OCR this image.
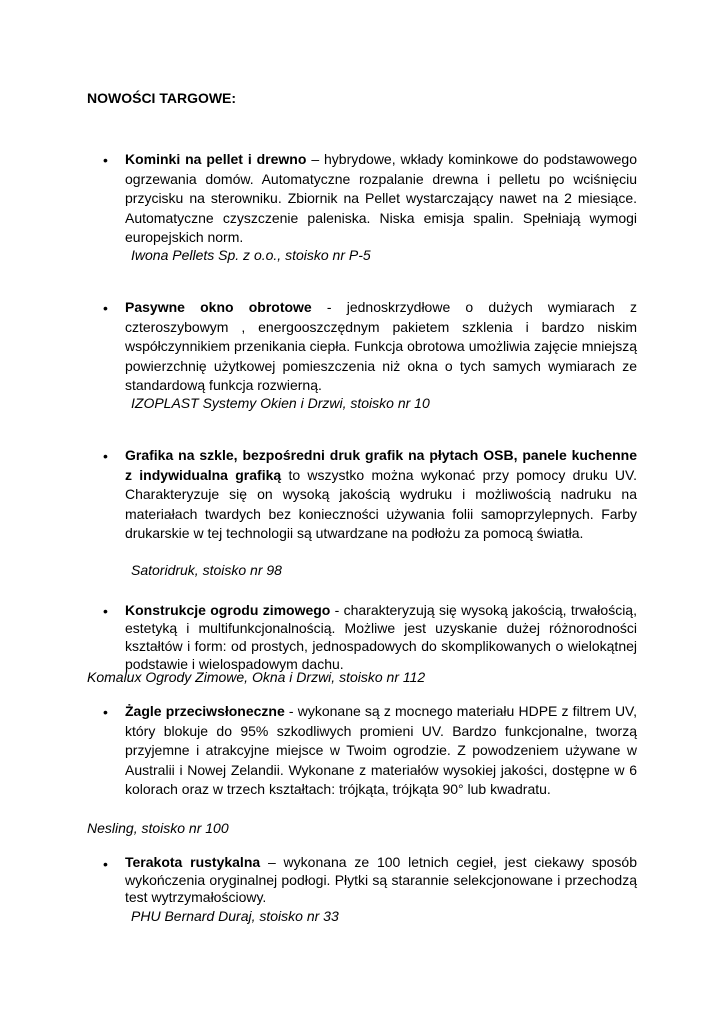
NOWOŚCI TARGOWE:
• Kominki na pellet i drewno – hybrydowe, wkłady kominkowe do podstawowego ogrzewania domów. Automatyczne rozpalanie drewna i pelletu po wciśnięciu przycisku na sterowniku. Zbiornik na Pellet wystarczający nawet na 2 miesiące. Automatyczne czyszczenie paleniska. Niska emisja spalin. Spełniają wymogi europejskich norm.

Iwona Pellets Sp. z o.o., stoisko nr P-5

• Pasywne okno obrotowe - jednoskrzydłowe o dużych wymiarach z czteroszybowym , energooszczędnym pakietem szklenia i bardzo niskim współczynnikiem przenikania ciepła. Funkcja obrotowa umożliwia zajęcie mniejszą powierzchnię użytkowej pomieszczenia niż okna o tych samych wymiarach ze standardową funkcja rozwierną.

IZOPLAST Systemy Okien i Drzwi, stoisko nr 10

• Grafika na szkle, bezpośredni druk grafik na płytach OSB, panele kuchenne z indywidualna grafiką to wszystko można wykonać przy pomocy druku UV. Charakteryzuje się on wysoką jakością wydruku i możliwością nadruku na materiałach twardych bez konieczności używania folii samoprzylepnych. Farby drukarskie w tej technologii są utwardzane na podłożu za pomocą światła.

Satoridruk, stoisko nr 98

• Konstrukcje ogrodu zimowego - charakteryzują się wysoką jakością, trwałością, estetyką i multifunkcjonalnością. Możliwe jest uzyskanie dużej różnorodności kształtów i form: od prostych, jednospadowych do skomplikowanych o wielokątnej podstawie i wielospadowym dachu.

Komalux Ogrody Zimowe, Okna i Drzwi, stoisko nr 112

• Żagle przeciwsłoneczne - wykonane są z mocnego materiału HDPE z filtrem UV, który blokuje do 95% szkodliwych promieni UV. Bardzo funkcjonalne, tworzą przyjemne i atrakcyjne miejsce w Twoim ogrodzie. Z powodzeniem używane w Australii i Nowej Zelandii. Wykonane z materiałów wysokiej jakości, dostępne w 6 kolorach oraz w trzech kształtach: trójkąta, trójkąta 90° lub kwadratu.

Nesling, stoisko nr 100

• Terakota rustykalna – wykonana ze 100 letnich cegieł, jest ciekawy sposób wykończenia oryginalnej podłogi. Płytki są starannie selekcjonowane i przechodzą test wytrzymałościowy.

PHU Bernard Duraj, stoisko nr 33
